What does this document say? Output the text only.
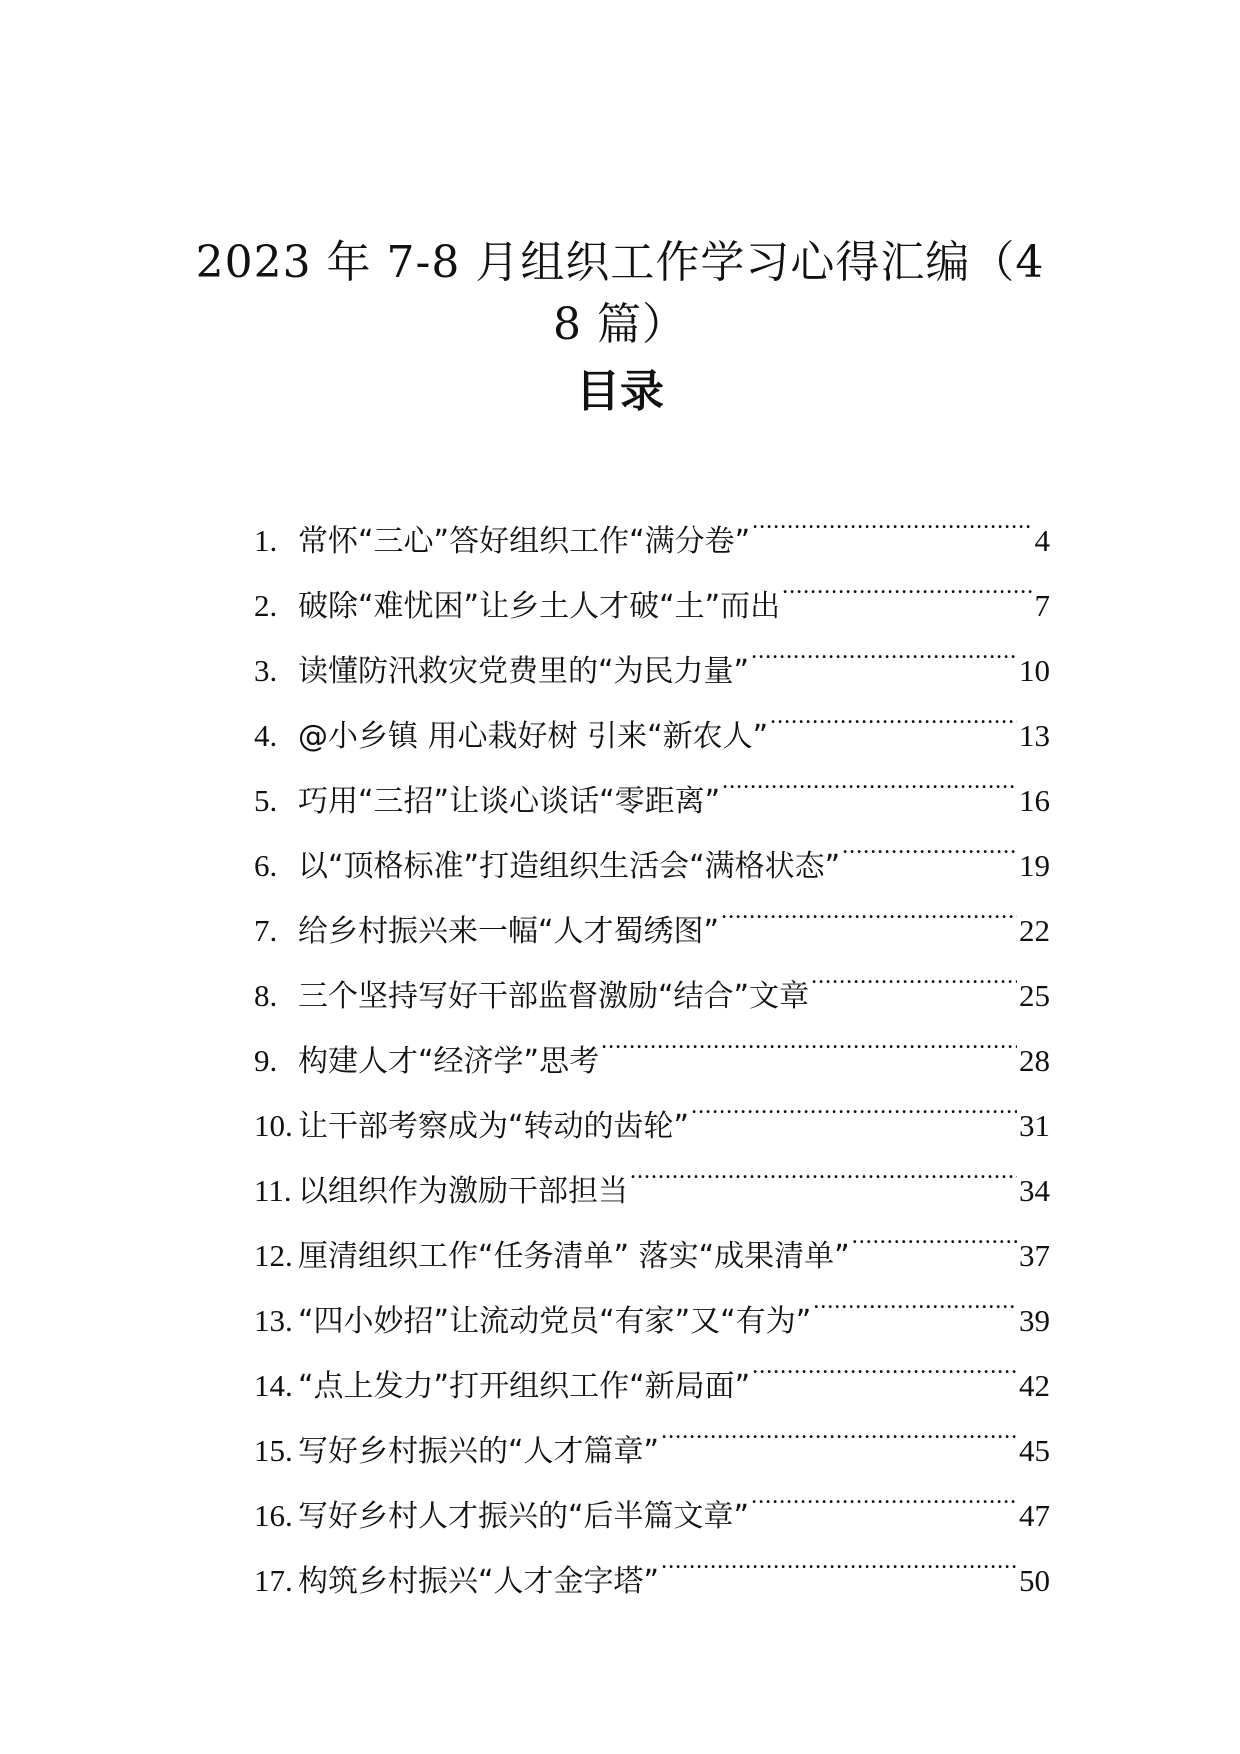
2023 年 7-8 月组织工作学习心得汇编（4
8 篇）
目录
1. 常怀“三心”答好组织工作“满分卷” .....	4
2. 破除“难忧困”让乡土人才破“土”而出 .....	7
3. 读懂防汛救灾党费里的“为民力量” .....	10
4. @小乡镇 用心栽好树 引来“新农人” .....	13
5. 巧用“三招”让谈心谈话“零距离” .....	16
6. 以“顶格标准”打造组织生活会“满格状态” .....	19
7. 给乡村振兴来一幅“人才蜀绣图” .....	22
8. 三个坚持写好干部监督激励“结合”文章 .....	25
9. 构建人才“经济学”思考 .....	28
10. 让干部考察成为“转动的齿轮” .....	31
11. 以组织作为激励干部担当 .....	34
12. 厘清组织工作“任务清单” 落实“成果清单” .....	37
13. “四小妙招”让流动党员“有家”又“有为” .....	39
14. “点上发力”打开组织工作“新局面” .....	42
15. 写好乡村振兴的“人才篇章” .....	45
16. 写好乡村人才振兴的“后半篇文章” .....	47
17. 构筑乡村振兴“人才金字塔” .....	50
